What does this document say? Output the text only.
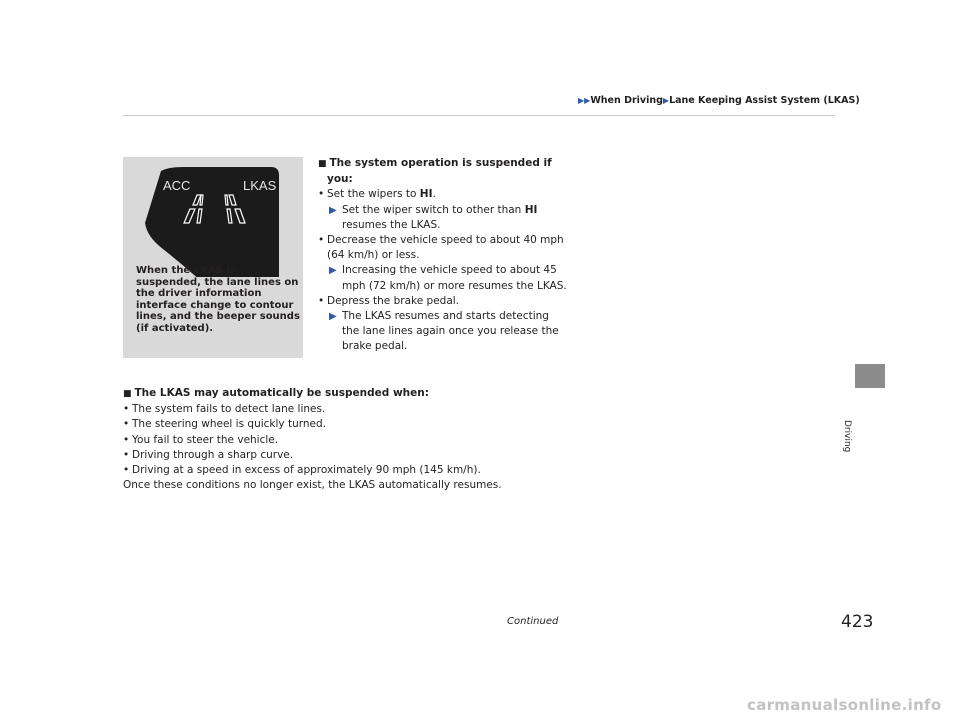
▶▶When Driving▶Lane Keeping Assist System (LKAS)
Driving
ACC	LKAS
When the LKAS is suspended, the lane lines on the driver information interface change to contour lines, and the beeper sounds (if activated).
■ The system operation is suspended if
you:
• Set the wipers to HI.
▶ Set the wiper switch to other than HI
resumes the LKAS.
• Decrease the vehicle speed to about 40 mph (64 km/h) or less.
▶ Increasing the vehicle speed to about 45 mph (72 km/h) or more resumes the LKAS.
• Depress the brake pedal.
▶ The LKAS resumes and starts detecting the lane lines again once you release the brake pedal.
■ The LKAS may automatically be suspended when:
• The system fails to detect lane lines.
• The steering wheel is quickly turned.
• You fail to steer the vehicle.
• Driving through a sharp curve.
• Driving at a speed in excess of approximately 90 mph (145 km/h).
Once these conditions no longer exist, the LKAS automatically resumes.
Continued	423
carmanualsonline.info
